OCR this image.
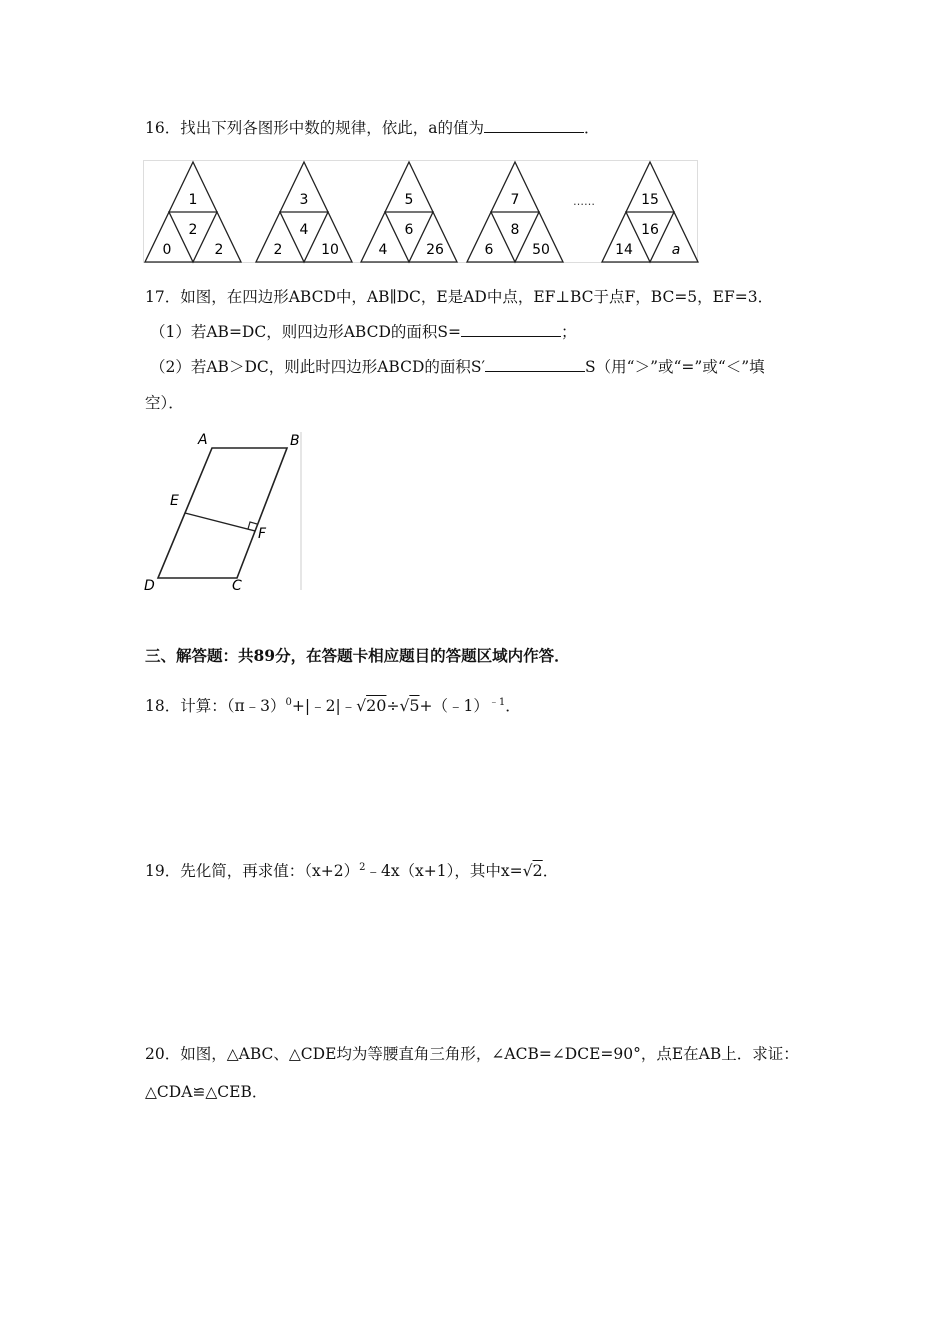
16．找出下列各图形中数的规律，依此，a的值为	．
1
2
0	2
3
4
2	10
5
6
4	26
7
8
6	50
15
16
14	a
……
17．如图，在四边形ABCD中，AB∥DC，E是AD中点，EF⊥BC于点F，BC=5，EF=3．
（1）若AB=DC，则四边形ABCD的面积S=	；
（2）若AB＞DC，则此时四边形ABCD的面积S′	S（用“＞”或“=”或“＜”填
空）．
A	B
E
F
D	C
三、解答题：共89分，在答题卡相应题目的答题区域内作答．
18．计算：（π﹣3）$^0$+|﹣2|﹣√20÷√5+（﹣1）$^{﹣1}$．
19．先化简，再求值：$(x+2)^2﹣4x(x+1)$，其中x=√2．
20．如图，△ABC、△CDE均为等腰直角三角形，∠ACB=∠DCE=90°，点E在AB上．求证：
△CDA≌△CEB．
